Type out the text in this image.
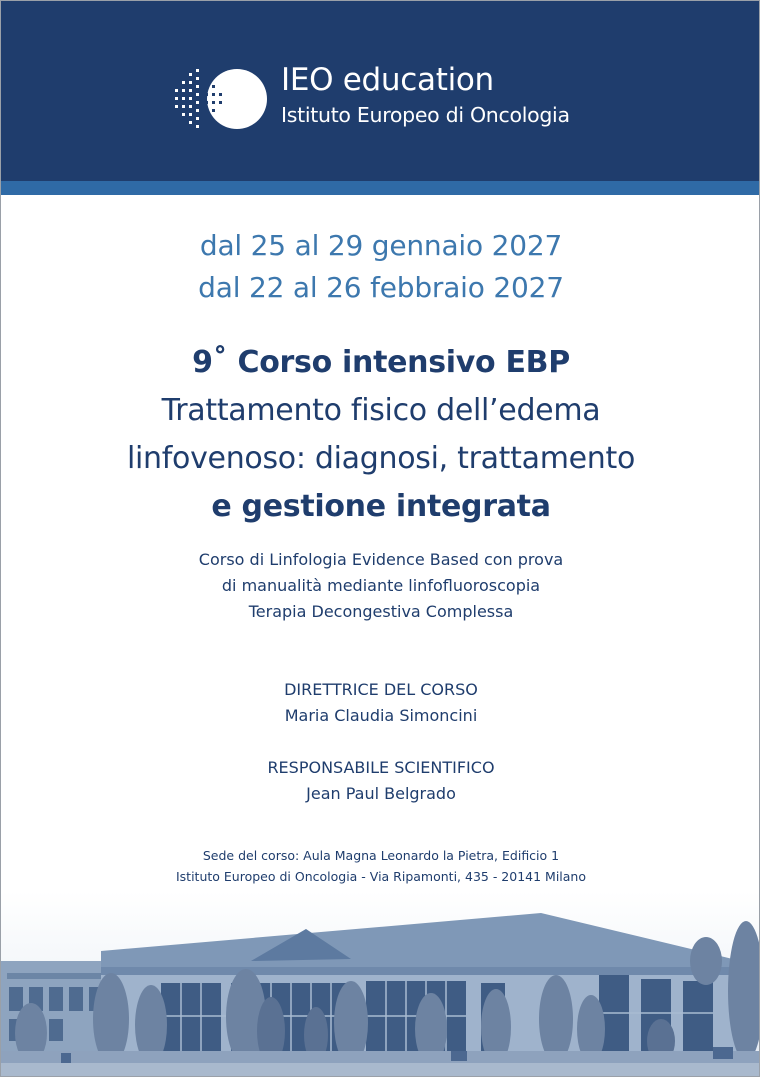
IEO education
Istituto Europeo di Oncologia
dal 25 al 29 gennaio 2027
dal 22 al 26 febbraio 2027
9˚ Corso intensivo EBP
Trattamento fisico dell’edema
linfovenoso: diagnosi, trattamento
e gestione integrata
Corso di Linfologia Evidence Based con prova
di manualità mediante linfofluoroscopia
Terapia Decongestiva Complessa
DIRETTRICE DEL CORSO
Maria Claudia Simoncini
RESPONSABILE SCIENTIFICO
Jean Paul Belgrado
Sede del corso: Aula Magna Leonardo la Pietra, Edificio 1
Istituto Europeo di Oncologia - Via Ripamonti, 435 - 20141 Milano
